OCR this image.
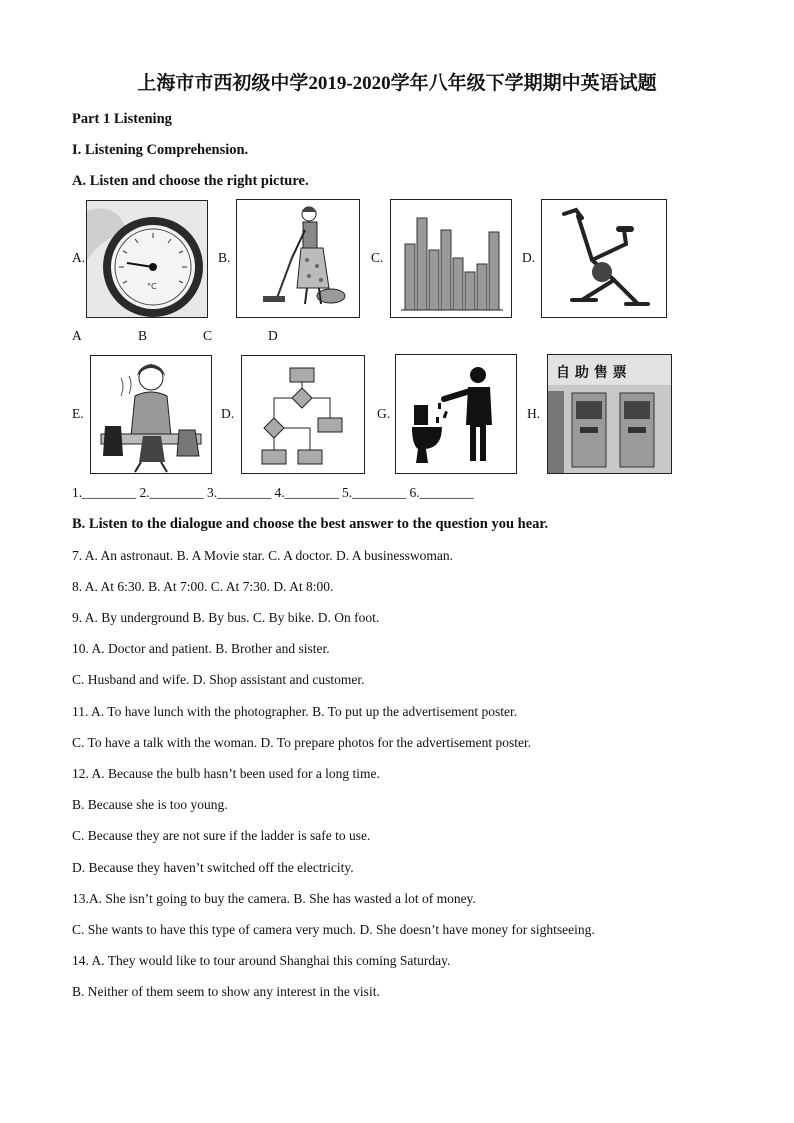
上海市市西初级中学2019-2020学年八年级下学期期中英语试题
Part 1 Listening
I. Listening Comprehension.
A. Listen and choose the right picture.
A.	B.	C.	D.
°C
A	B	C	D
E.	D.	G.	H.
自 助 售 票
1.________ 2.________ 3.________ 4.________ 5.________ 6.________
B. Listen to the dialogue and choose the best answer to the question you hear.
7. A. An astronaut. B. A Movie star. C. A doctor. D. A businesswoman.
8. A. At 6:30. B. At 7:00. C. At 7:30. D. At 8:00.
9. A. By underground B. By bus. C. By bike. D. On foot.
10. A. Doctor and patient. B. Brother and sister.
C. Husband and wife. D. Shop assistant and customer.
11. A. To have lunch with the photographer. B. To put up the advertisement poster.
C. To have a talk with the woman. D. To prepare photos for the advertisement poster.
12. A. Because the bulb hasn’t been used for a long time.
B. Because she is too young.
C. Because they are not sure if the ladder is safe to use.
D. Because they haven’t switched off the electricity.
13.A. She isn’t going to buy the camera. B. She has wasted a lot of money.
C. She wants to have this type of camera very much. D. She doesn’t have money for sightseeing.
14. A. They would like to tour around Shanghai this coming Saturday.
B. Neither of them seem to show any interest in the visit.
